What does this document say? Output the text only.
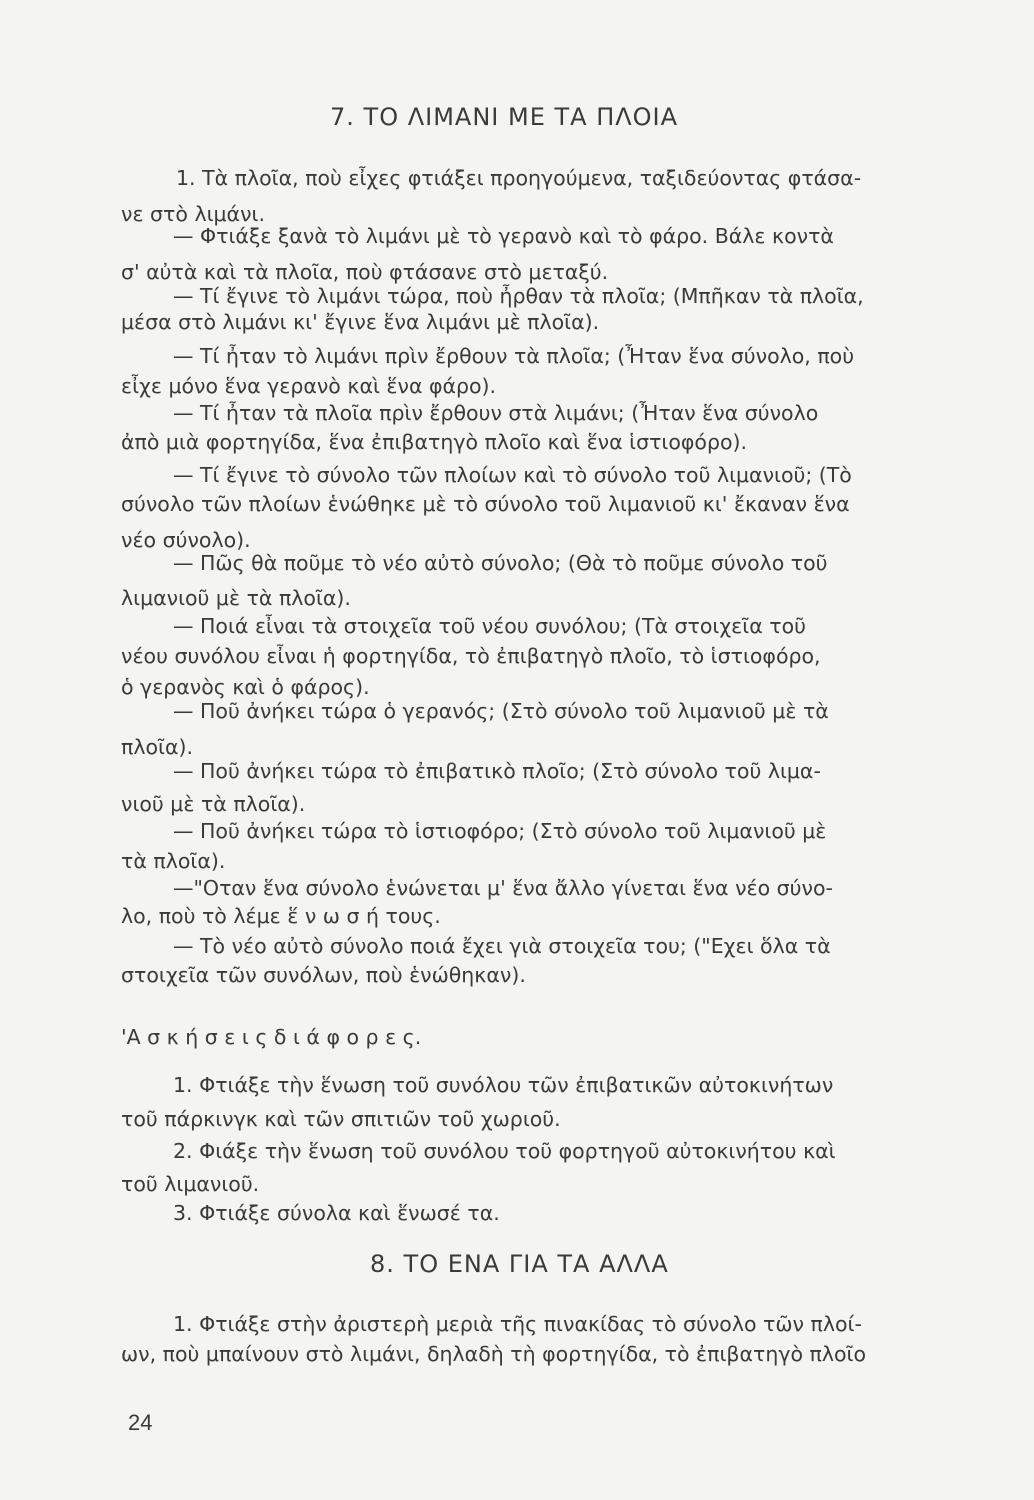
7. ΤΟ ΛΙΜΑΝΙ ΜΕ ΤΑ ΠΛΟΙΑ
1. Τὰ πλοῖα, ποὺ εἶχες φτιάξει προηγούμενα, ταξιδεύοντας φτάσα-
νε στὸ λιμάνι.
— Φτιάξε ξανὰ τὸ λιμάνι μὲ τὸ γερανὸ καὶ τὸ φάρο. Βάλε κοντὰ
σ' αὐτὰ καὶ τὰ πλοῖα, ποὺ φτάσανε στὸ μεταξύ.
— Τί ἔγινε τὸ λιμάνι τώρα, ποὺ ἦρθαν τὰ πλοῖα; (Μπῆκαν τὰ πλοῖα,
μέσα στὸ λιμάνι κι' ἔγινε ἕνα λιμάνι μὲ πλοῖα).
— Τί ἦταν τὸ λιμάνι πρὶν ἔρθουν τὰ πλοῖα; (Ἦταν ἕνα σύνολο, ποὺ
εἶχε μόνο ἕνα γερανὸ καὶ ἕνα φάρο).
— Τί ἦταν τὰ πλοῖα πρὶν ἔρθουν στὰ λιμάνι; (Ἦταν ἕνα σύνολο
ἀπὸ μιὰ φορτηγίδα, ἕνα ἐπιβατηγὸ πλοῖο καὶ ἕνα ἱστιοφόρο).
— Τί ἔγινε τὸ σύνολο τῶν πλοίων καὶ τὸ σύνολο τοῦ λιμανιοῦ; (Τὸ
σύνολο τῶν πλοίων ἑνώθηκε μὲ τὸ σύνολο τοῦ λιμανιοῦ κι' ἔκαναν ἕνα
νέο σύνολο).
— Πῶς θὰ ποῦμε τὸ νέο αὐτὸ σύνολο; (Θὰ τὸ ποῦμε σύνολο τοῦ
λιμανιοῦ μὲ τὰ πλοῖα).
— Ποιά εἶναι τὰ στοιχεῖα τοῦ νέου συνόλου; (Τὰ στοιχεῖα τοῦ
νέου συνόλου εἶναι ἡ φορτηγίδα, τὸ ἐπιβατηγὸ πλοῖο, τὸ ἱστιοφόρο,
ὁ γερανὸς καὶ ὁ φάρος).
— Ποῦ ἀνήκει τώρα ὁ γερανός; (Στὸ σύνολο τοῦ λιμανιοῦ μὲ τὰ
πλοῖα).
— Ποῦ ἀνήκει τώρα τὸ ἐπιβατικὸ πλοῖο; (Στὸ σύνολο τοῦ λιμα-
νιοῦ μὲ τὰ πλοῖα).
— Ποῦ ἀνήκει τώρα τὸ ἱστιοφόρο; (Στὸ σύνολο τοῦ λιμανιοῦ μὲ
τὰ πλοῖα).
—"Οταν ἕνα σύνολο ἑνώνεται μ' ἕνα ἄλλο γίνεται ἕνα νέο σύνο-
λο, ποὺ τὸ λέμε ἕ ν ω σ ή τους.
— Τὸ νέο αὐτὸ σύνολο ποιά ἔχει γιὰ στοιχεῖα του; ("Εχει ὅλα τὰ
στοιχεῖα τῶν συνόλων, ποὺ ἑνώθηκαν).
'Α σ κ ή σ ε ι ς δ ι ά φ ο ρ ε ς.
1. Φτιάξε τὴν ἕνωση τοῦ συνόλου τῶν ἐπιβατικῶν αὐτοκινήτων
τοῦ πάρκινγκ καὶ τῶν σπιτιῶν τοῦ χωριοῦ.
2. Φιάξε τὴν ἕνωση τοῦ συνόλου τοῦ φορτηγοῦ αὐτοκινήτου καὶ
τοῦ λιμανιοῦ.
3. Φτιάξε σύνολα καὶ ἕνωσέ τα.
8. ΤΟ ΕΝΑ ΓΙΑ ΤΑ ΑΛΛΑ
1. Φτιάξε στὴν ἀριστερὴ μεριὰ τῆς πινακίδας τὸ σύνολο τῶν πλοί-
ων, ποὺ μπαίνουν στὸ λιμάνι, δηλαδὴ τὴ φορτηγίδα, τὸ ἐπιβατηγὸ πλοῖο
24
